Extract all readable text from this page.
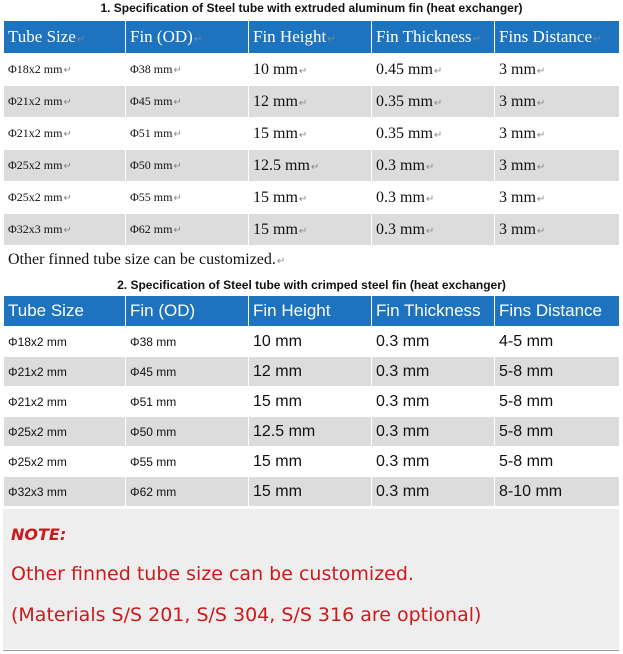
1. Specification of Steel tube with extruded aluminum fin (heat exchanger)
Tube Size↵	Fin (OD)↵	Fin Height↵	Fin Thickness↵	Fins Distance↵
Φ18x2 mm↵	Φ38 mm↵	10 mm↵	0.45 mm↵	3 mm↵
Φ21x2 mm↵	Φ45 mm↵	12 mm↵	0.35 mm↵	3 mm↵
Φ21x2 mm↵	Φ51 mm↵	15 mm↵	0.35 mm↵	3 mm↵
Φ25x2 mm↵	Φ50 mm↵	12.5 mm↵	0.3 mm↵	3 mm↵
Φ25x2 mm↵	Φ55 mm↵	15 mm↵	0.3 mm↵	3 mm↵
Φ32x3 mm↵	Φ62 mm↵	15 mm↵	0.3 mm↵	3 mm↵
Other finned tube size can be customized.↵				
2. Specification of Steel tube with crimped steel fin (heat exchanger)
Tube Size	Fin (OD)	Fin Height	Fin Thickness	Fins Distance
Φ18x2 mm	Φ38 mm	10 mm	0.3 mm	4-5 mm
Φ21x2 mm	Φ45 mm	12 mm	0.3 mm	5-8 mm
Φ21x2 mm	Φ51 mm	15 mm	0.3 mm	5-8 mm
Φ25x2 mm	Φ50 mm	12.5 mm	0.3 mm	5-8 mm
Φ25x2 mm	Φ55 mm	15 mm	0.3 mm	5-8 mm
Φ32x3 mm	Φ62 mm	15 mm	0.3 mm	8-10 mm
NOTE:
Other finned tube size can be customized.
(Materials S/S 201, S/S 304, S/S 316 are optional)
